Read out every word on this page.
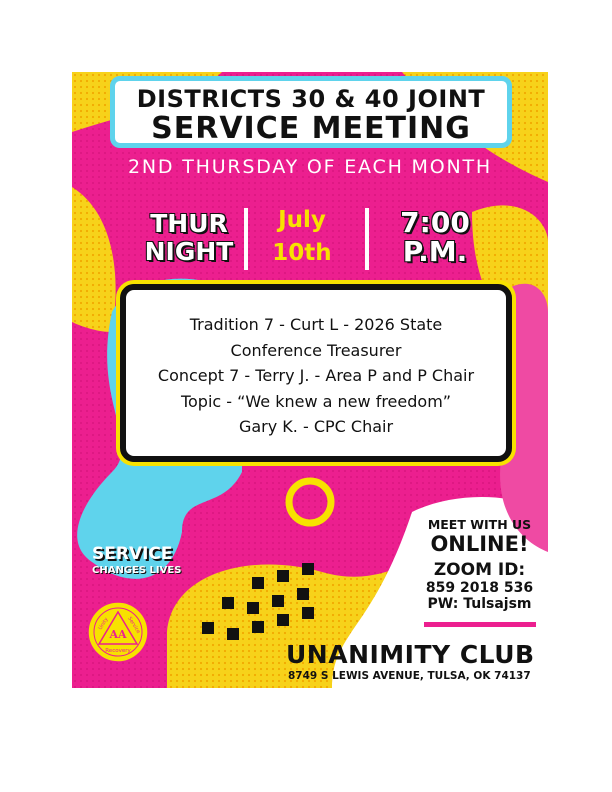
DISTRICTS 30 & 40 JOINT
SERVICE MEETING
2ND THURSDAY OF EACH MONTH
THUR
NIGHT
July
10th
7:00
P.M.
Tradition 7 - Curt L - 2026 State
Conference Treasurer
Concept 7 - Terry J. - Area P and P Chair
Topic - “We knew a new freedom”
Gary K. - CPC Chair
SERVICE
CHANGES LIVES
AA
Unity	Service
Recovery
MEET WITH US
ONLINE!
ZOOM ID:
859 2018 536
PW: Tulsajsm
UNANIMITY CLUB
8749 S LEWIS AVENUE, TULSA, OK 74137
